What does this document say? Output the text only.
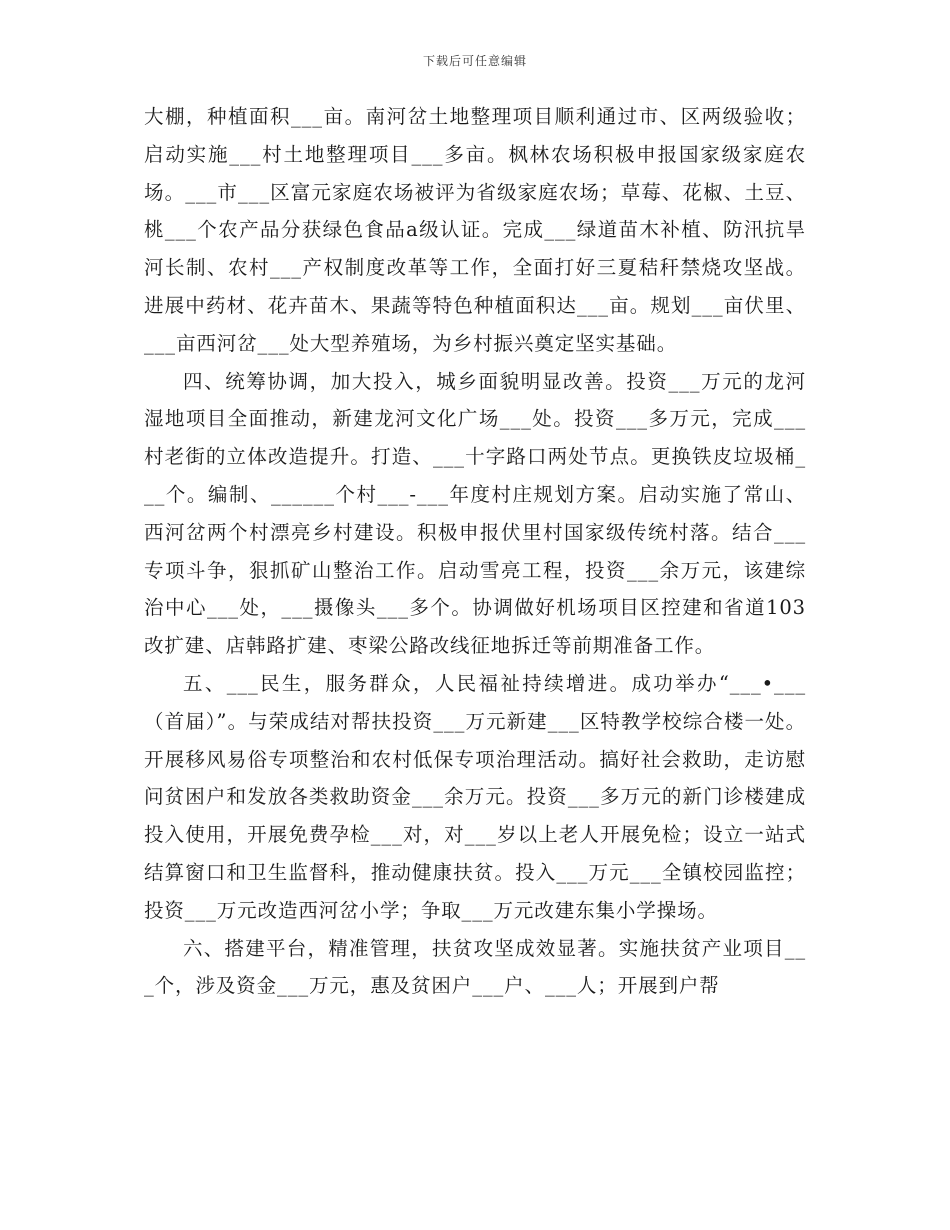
下载后可任意编辑

大棚，种植面积___亩。南河岔土地整理项目顺利通过市、区两级验收；启动实施___村土地整理项目___多亩。枫林农场积极申报国家级家庭农场。___市___区富元家庭农场被评为省级家庭农场；草莓、花椒、土豆、桃___个农产品分获绿色食品a级认证。完成___绿道苗木补植、防汛抗旱河长制、农村___产权制度改革等工作，全面打好三夏秸秆禁烧攻坚战。进展中药材、花卉苗木、果蔬等特色种植面积达___亩。规划___亩伏里、___亩西河岔___处大型养殖场，为乡村振兴奠定坚实基础。

四、统筹协调，加大投入，城乡面貌明显改善。投资___万元的龙河湿地项目全面推动，新建龙河文化广场___处。投资___多万元，完成___村老街的立体改造提升。打造、___十字路口两处节点。更换铁皮垃圾桶___个。编制、______个村___-___年度村庄规划方案。启动实施了常山、西河岔两个村漂亮乡村建设。积极申报伏里村国家级传统村落。结合___专项斗争，狠抓矿山整治工作。启动雪亮工程，投资___余万元，该建综治中心___处，___摄像头___多个。协调做好机场项目区控建和省道103改扩建、店韩路扩建、枣梁公路改线征地拆迁等前期准备工作。

五、___民生，服务群众，人民福祉持续增进。成功举办“___•___（首届）”。与荣成结对帮扶投资___万元新建___区特教学校综合楼一处。开展移风易俗专项整治和农村低保专项治理活动。搞好社会救助，走访慰问贫困户和发放各类救助资金___余万元。投资___多万元的新门诊楼建成投入使用，开展免费孕检___对，对___岁以上老人开展免检；设立一站式结算窗口和卫生监督科，推动健康扶贫。投入___万元___全镇校园监控；投资___万元改造西河岔小学；争取___万元改建东集小学操场。

六、搭建平台，精准管理，扶贫攻坚成效显著。实施扶贫产业项目___个，涉及资金___万元，惠及贫困户___户、___人；开展到户帮
